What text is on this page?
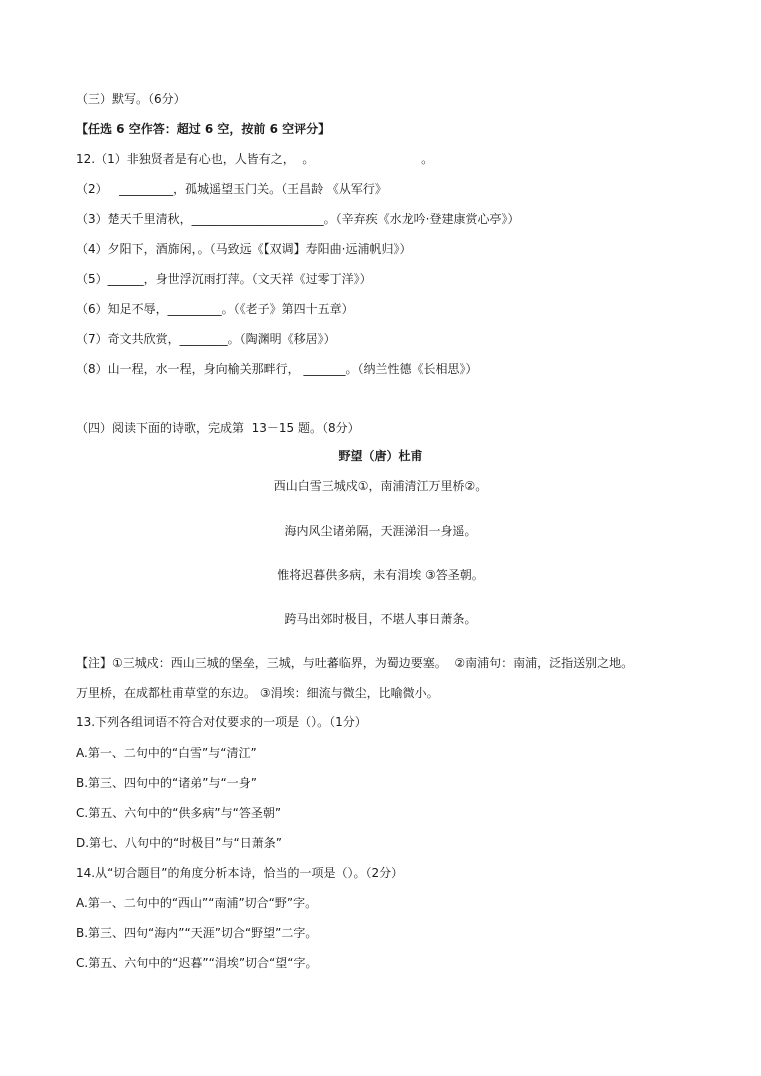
（三）默写。（6分）
【任选 6 空作答：超过 6 空，按前 6 空评分】
12.（1）非独贤者是有心也，人皆有之，  。                            。
（2）   _________，孤城遥望玉门关。（王昌龄 《从军行》
（3）楚天千里清秋，______________________。（辛弃疾《水龙吟·登建康赏心亭》）
（4）夕阳下，酒旆闲，。（马致远《【双调】寿阳曲·远浦帆归》）
（5）______，身世浮沉雨打萍。（文天祥《过零丁洋》）
（6）知足不辱，_________。（《老子》第四十五章）
（7）奇文共欣赏，________。（陶渊明《移居》）
（8）山一程，水一程，身向榆关那畔行， _______。（纳兰性德《长相思》）
（四）阅读下面的诗歌，完成第  13－15 题。（8分）
野望（唐）杜甫
西山白雪三城戍①，南浦清江万里桥②。
海内风尘诸弟隔，天涯涕泪一身遥。
惟将迟暮供多病，未有涓埃 ③答圣朝。
跨马出郊时极目，不堪人事日萧条。
【注】①三城戍：西山三城的堡垒，三城，与吐蕃临界，为蜀边要塞。  ②南浦句：南浦，泛指送别之地。
万里桥，在成都杜甫草堂的东边。 ③涓埃：细流与微尘，比喻微小。
13.下列各组词语不符合对仗要求的一项是（）。（1分）
A.第一、二句中的“白雪”与“清江”
B.第三、四句中的“诸弟”与“一身”
C.第五、六句中的“供多病”与“答圣朝”
D.第七、八句中的“时极目”与“日萧条”
14.从“切合题目”的角度分析本诗，恰当的一项是（）。（2分）
A.第一、二句中的“西山”“南浦”切合“野”字。
B.第三、四句“海内”“天涯”切合“野望”二字。
C.第五、六句中的“迟暮”“涓埃”切合“望“字。
